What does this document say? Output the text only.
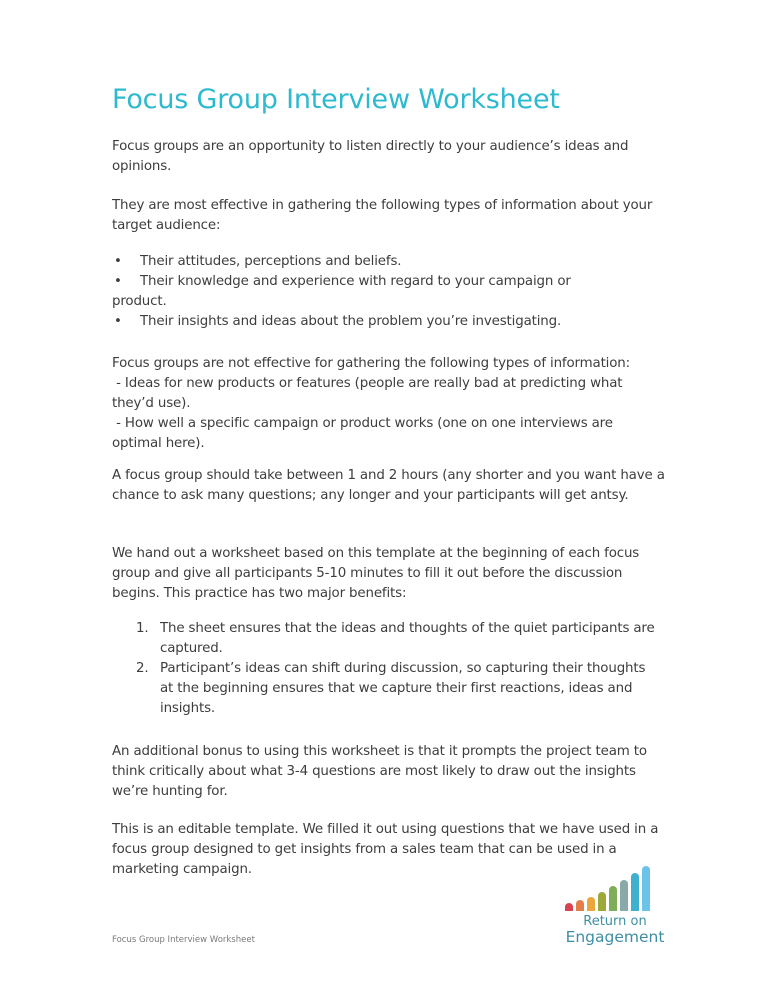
Focus Group Interview Worksheet

Focus groups are an opportunity to listen directly to your audience’s ideas and opinions.

They are most effective in gathering the following types of information about your target audience:

• Their attitudes, perceptions and beliefs.
• Their knowledge and experience with regard to your campaign or
product.
• Their insights and ideas about the problem you’re investigating.
Focus groups are not effective for gathering the following types of information:
- Ideas for new products or features (people are really bad at predicting what
they’d use).
- How well a specific campaign or product works (one on one interviews are
optimal here).

A focus group should take between 1 and 2 hours (any shorter and you want have a chance to ask many questions; any longer and your participants will get antsy.

We hand out a worksheet based on this template at the beginning of each focus group and give all participants 5-10 minutes to fill it out before the discussion begins. This practice has two major benefits:

1. The sheet ensures that the ideas and thoughts of the quiet participants are captured.
2. Participant’s ideas can shift during discussion, so capturing their thoughts at the beginning ensures that we capture their first reactions, ideas and insights.

An additional bonus to using this worksheet is that it prompts the project team to think critically about what 3-4 questions are most likely to draw out the insights we’re hunting for.

This is an editable template. We filled it out using questions that we have used in a focus group designed to get insights from a sales team that can be used in a marketing campaign.

Focus Group Interview Worksheet
Return on
Engagement
